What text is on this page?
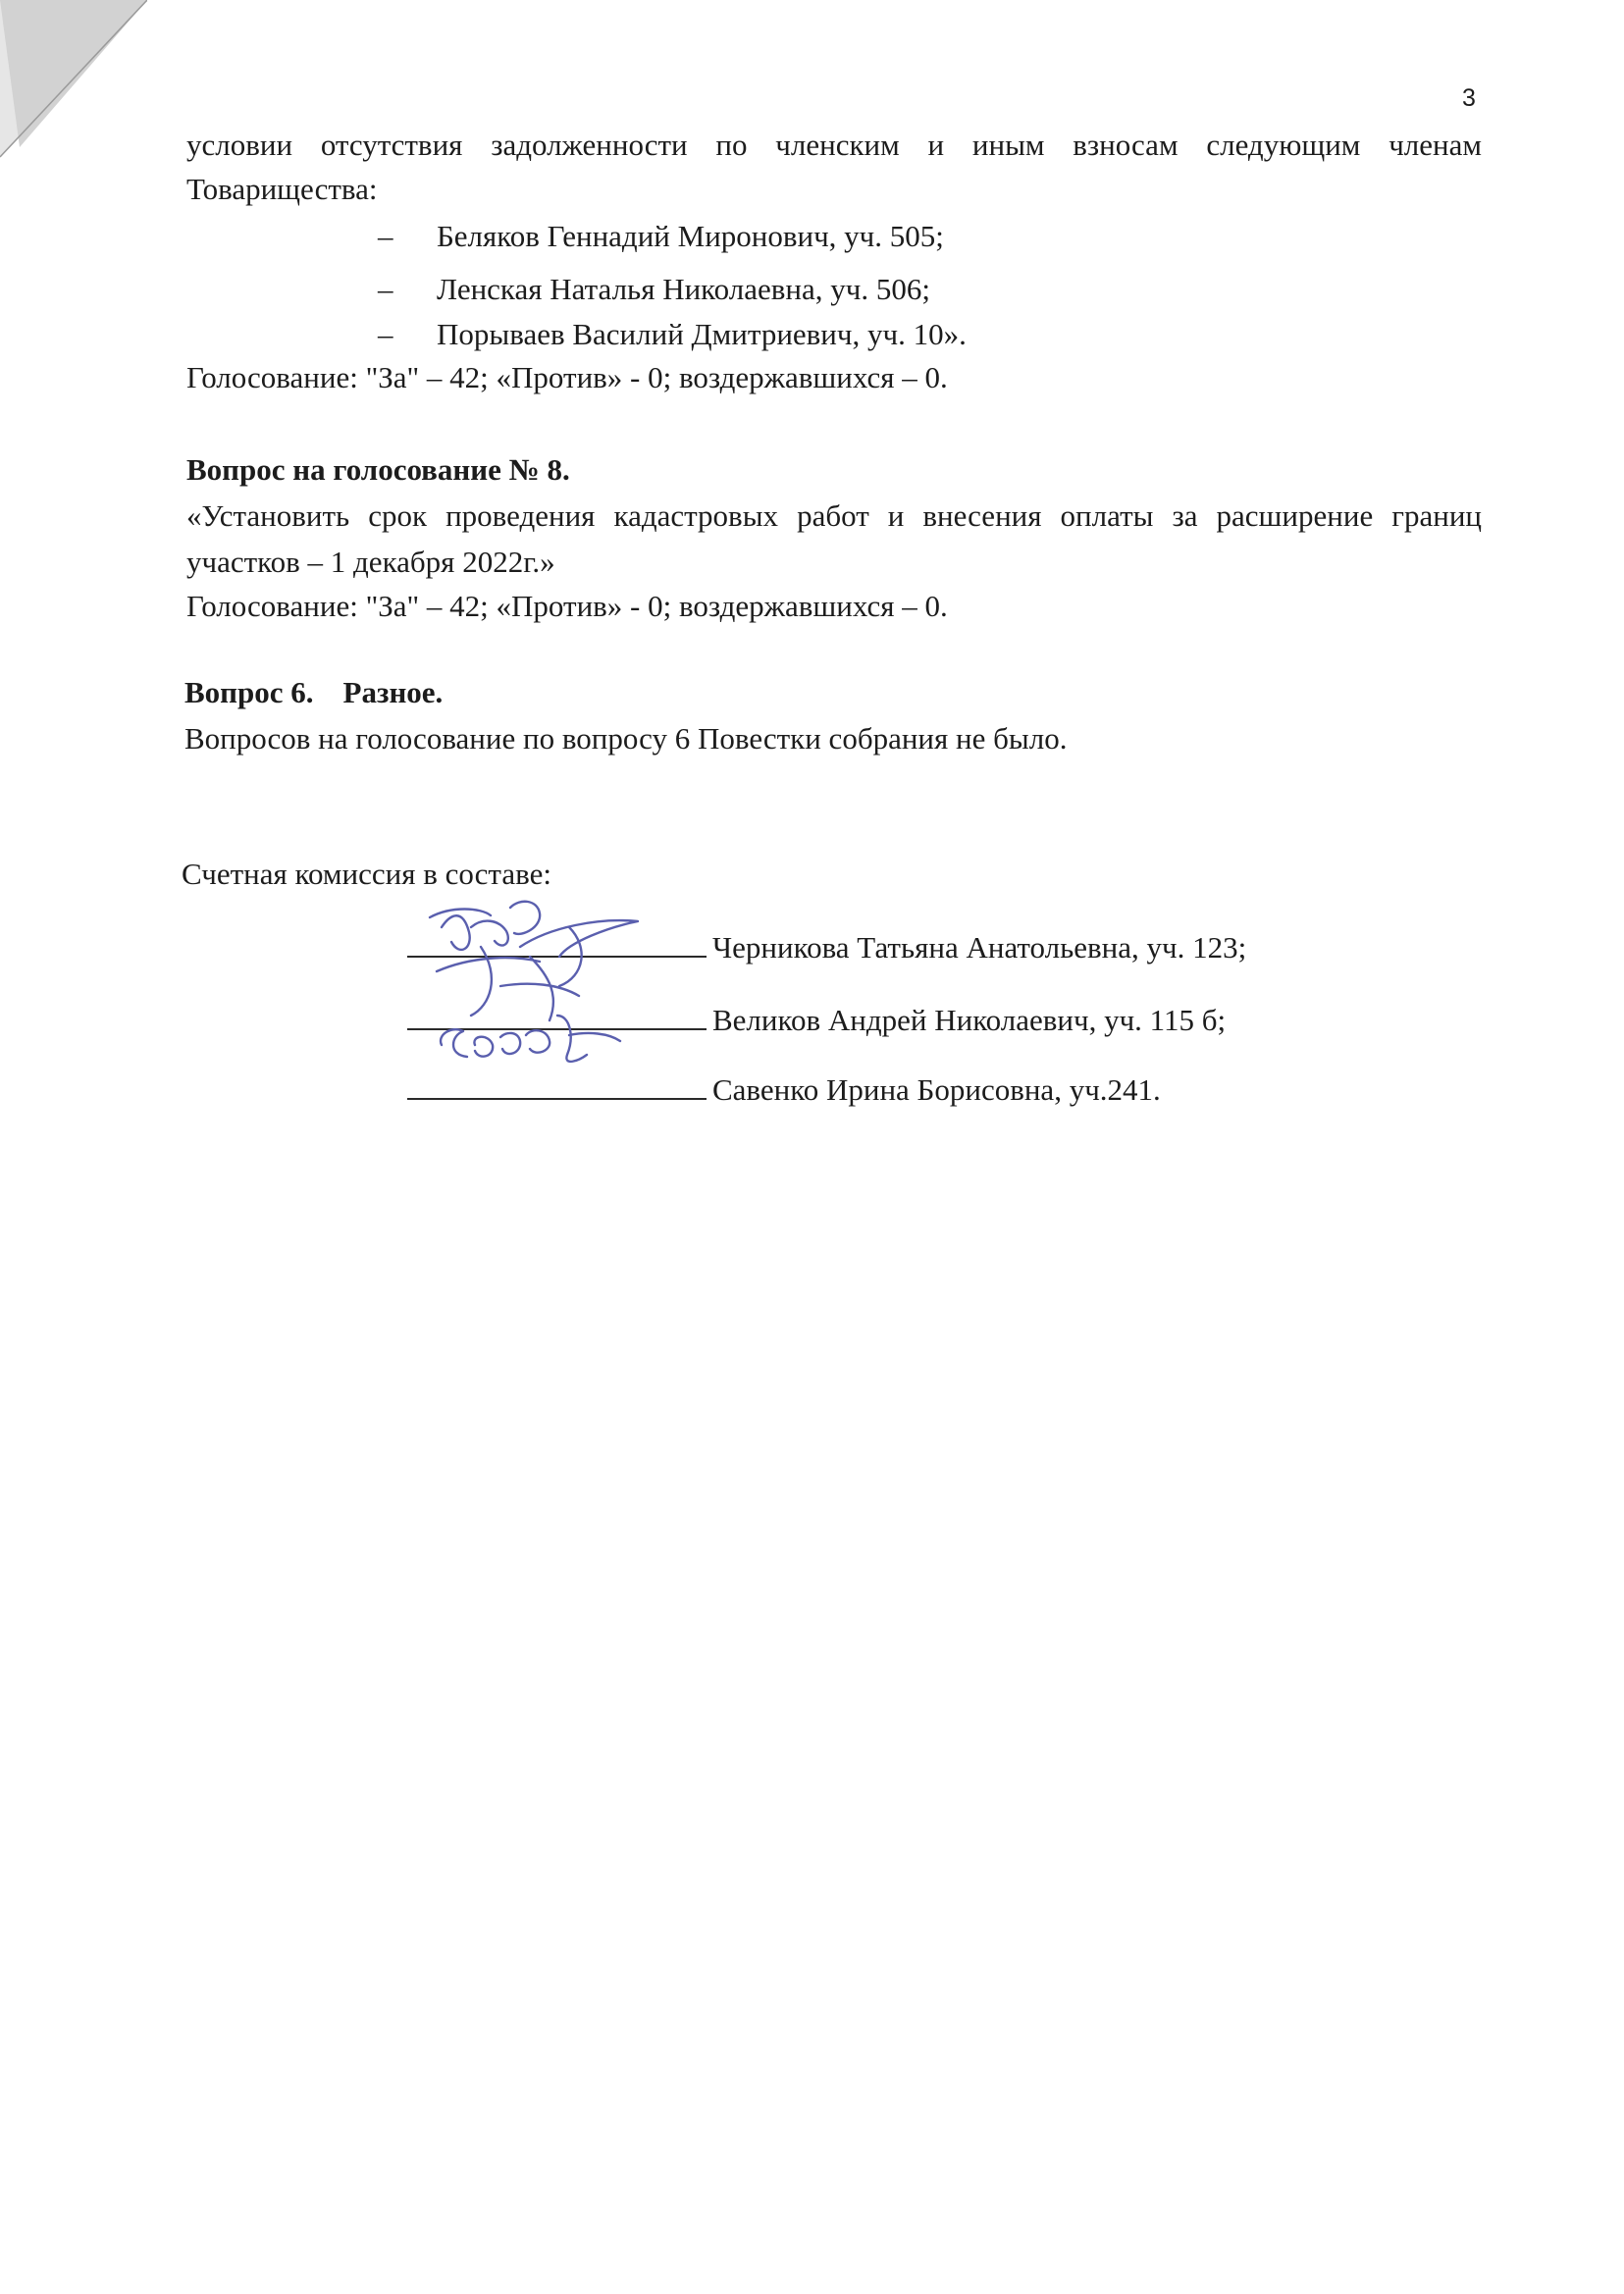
3
условии отсутствия задолженности по членским и иным взносам следующим членам
Товарищества:
– Беляков Геннадий Миронович, уч. 505;
– Ленская Наталья Николаевна, уч. 506;
– Порываев Василий Дмитриевич, уч. 10».
Голосование: "За" – 42; «Против» - 0; воздержавшихся – 0.
Вопрос на голосование № 8.
«Установить срок проведения кадастровых работ и внесения оплаты за расширение границ
участков – 1 декабря 2022г.»
Голосование: "За" – 42; «Против» - 0; воздержавшихся – 0.
Вопрос 6. Разное.
Вопросов на голосование по вопросу 6 Повестки собрания не было.
Счетная комиссия в составе:
Черникова Татьяна Анатольевна, уч. 123;
Великов Андрей Николаевич, уч. 115 б;
Савенко Ирина Борисовна, уч.241.
